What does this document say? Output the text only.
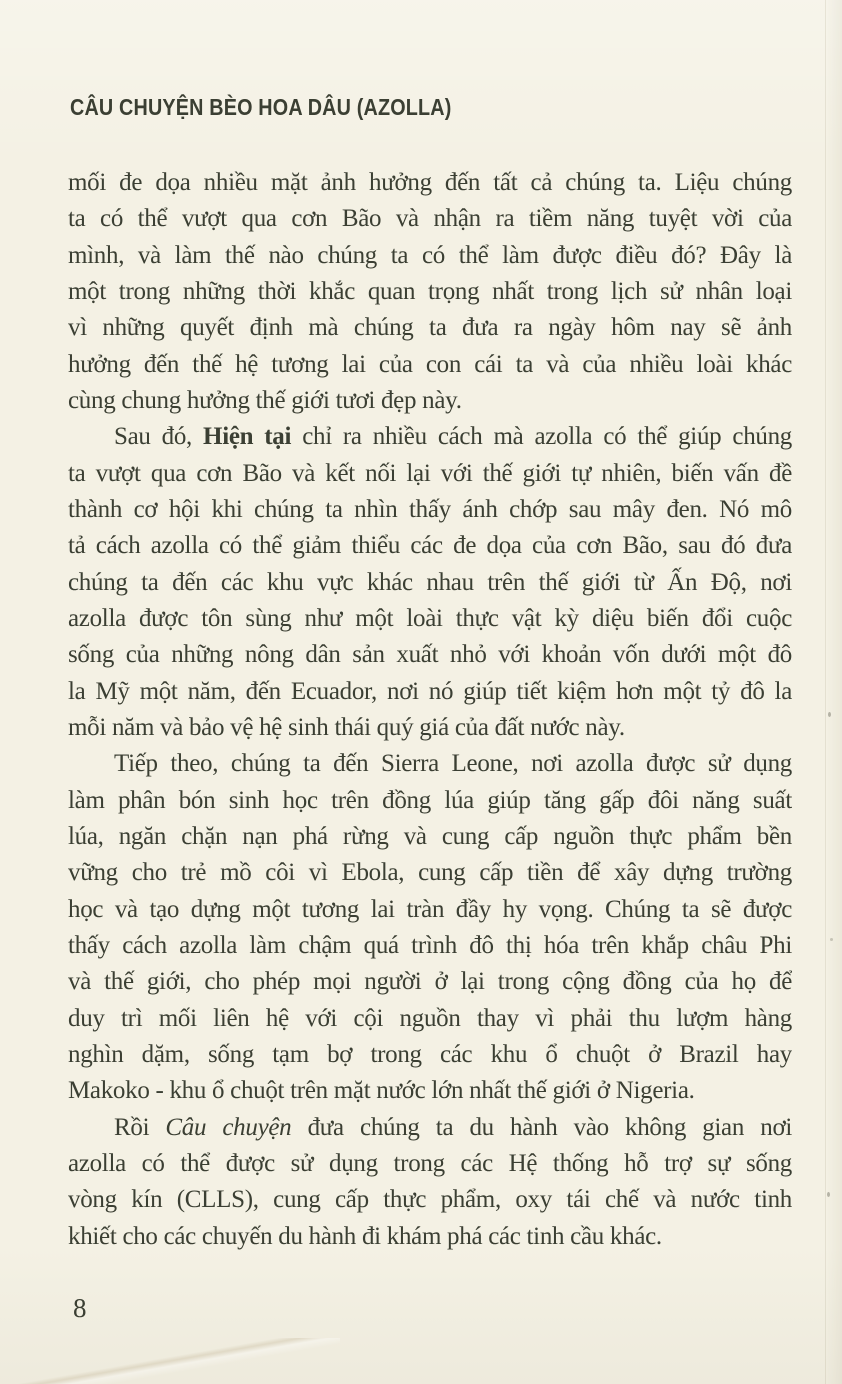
CÂU CHUYỆN BÈO HOA DÂU (AZOLLA)
mối đe dọa nhiều mặt ảnh hưởng đến tất cả chúng ta. Liệu chúng
ta có thể vượt qua cơn Bão và nhận ra tiềm năng tuyệt vời của
mình, và làm thế nào chúng ta có thể làm được điều đó? Đây là
một trong những thời khắc quan trọng nhất trong lịch sử nhân loại
vì những quyết định mà chúng ta đưa ra ngày hôm nay sẽ ảnh
hưởng đến thế hệ tương lai của con cái ta và của nhiều loài khác
cùng chung hưởng thế giới tươi đẹp này.
Sau đó, Hiện tại chỉ ra nhiều cách mà azolla có thể giúp chúng
ta vượt qua cơn Bão và kết nối lại với thế giới tự nhiên, biến vấn đề
thành cơ hội khi chúng ta nhìn thấy ánh chớp sau mây đen. Nó mô
tả cách azolla có thể giảm thiểu các đe dọa của cơn Bão, sau đó đưa
chúng ta đến các khu vực khác nhau trên thế giới từ Ấn Độ, nơi
azolla được tôn sùng như một loài thực vật kỳ diệu biến đổi cuộc
sống của những nông dân sản xuất nhỏ với khoản vốn dưới một đô
la Mỹ một năm, đến Ecuador, nơi nó giúp tiết kiệm hơn một tỷ đô la
mỗi năm và bảo vệ hệ sinh thái quý giá của đất nước này.
Tiếp theo, chúng ta đến Sierra Leone, nơi azolla được sử dụng
làm phân bón sinh học trên đồng lúa giúp tăng gấp đôi năng suất
lúa, ngăn chặn nạn phá rừng và cung cấp nguồn thực phẩm bền
vững cho trẻ mồ côi vì Ebola, cung cấp tiền để xây dựng trường
học và tạo dựng một tương lai tràn đầy hy vọng. Chúng ta sẽ được
thấy cách azolla làm chậm quá trình đô thị hóa trên khắp châu Phi
và thế giới, cho phép mọi người ở lại trong cộng đồng của họ để
duy trì mối liên hệ với cội nguồn thay vì phải thu lượm hàng
nghìn dặm, sống tạm bợ trong các khu ổ chuột ở Brazil hay
Makoko - khu ổ chuột trên mặt nước lớn nhất thế giới ở Nigeria.
Rồi Câu chuyện đưa chúng ta du hành vào không gian nơi
azolla có thể được sử dụng trong các Hệ thống hỗ trợ sự sống
vòng kín (CLLS), cung cấp thực phẩm, oxy tái chế và nước tinh
khiết cho các chuyến du hành đi khám phá các tinh cầu khác.
8
